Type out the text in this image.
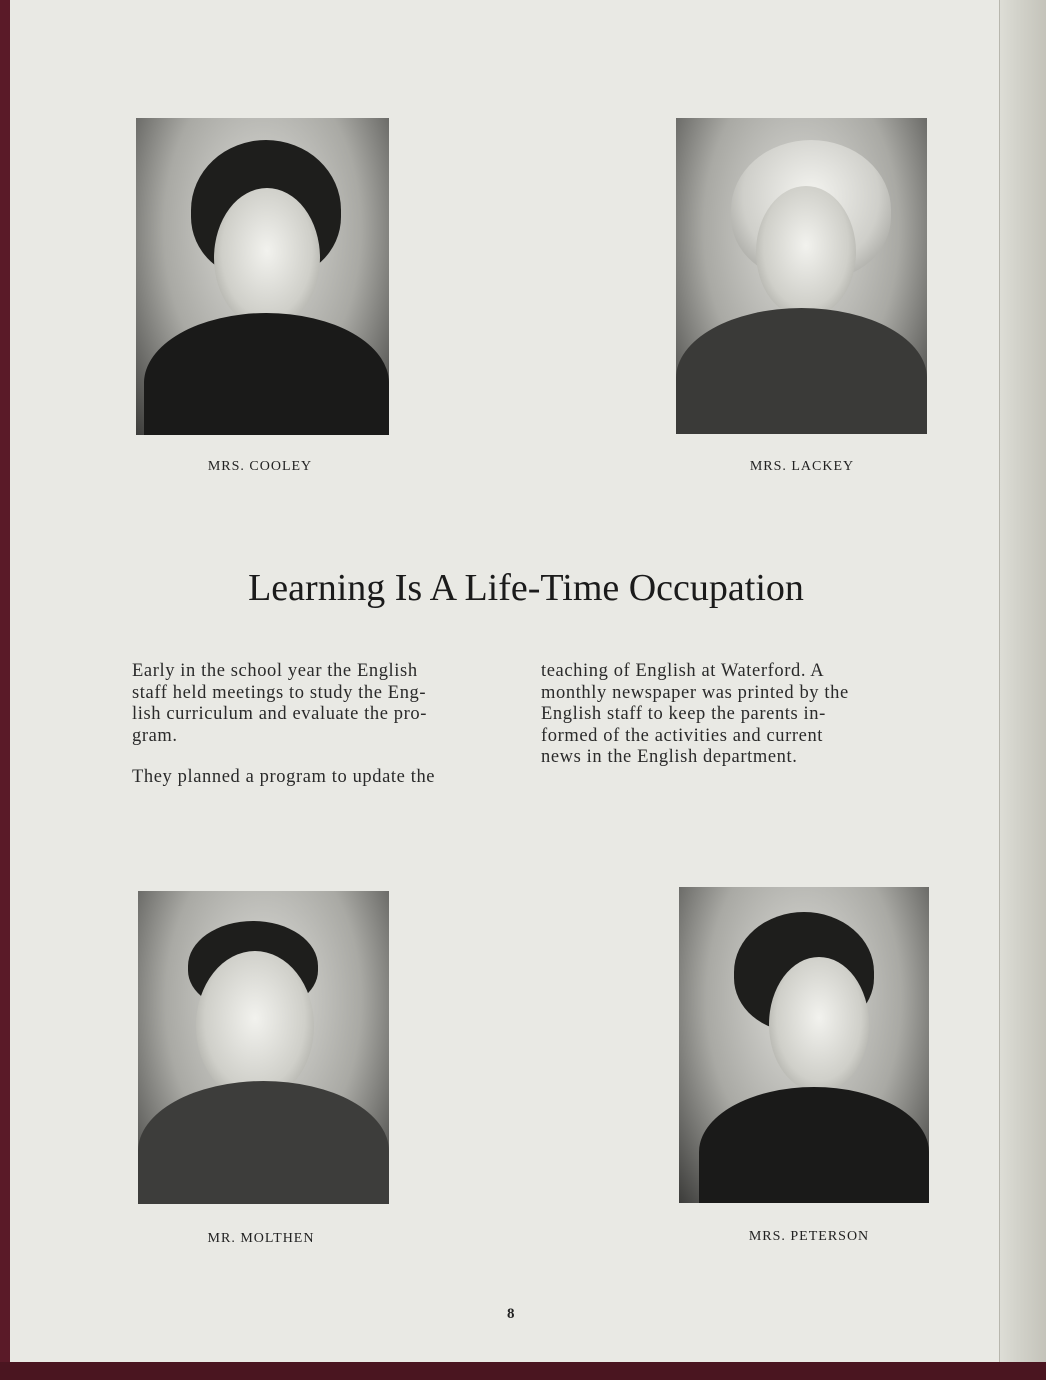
MRS. COOLEY	MRS. LACKEY
Learning Is A Life-Time Occupation

Early in the school year the English
staff held meetings to study the Eng-
lish curriculum and evaluate the pro-
gram.

They planned a program to update the

teaching of English at Waterford. A
monthly newspaper was printed by the
English staff to keep the parents in-
formed of the activities and current
news in the English department.

MR. MOLTHEN	MRS. PETERSON
8
